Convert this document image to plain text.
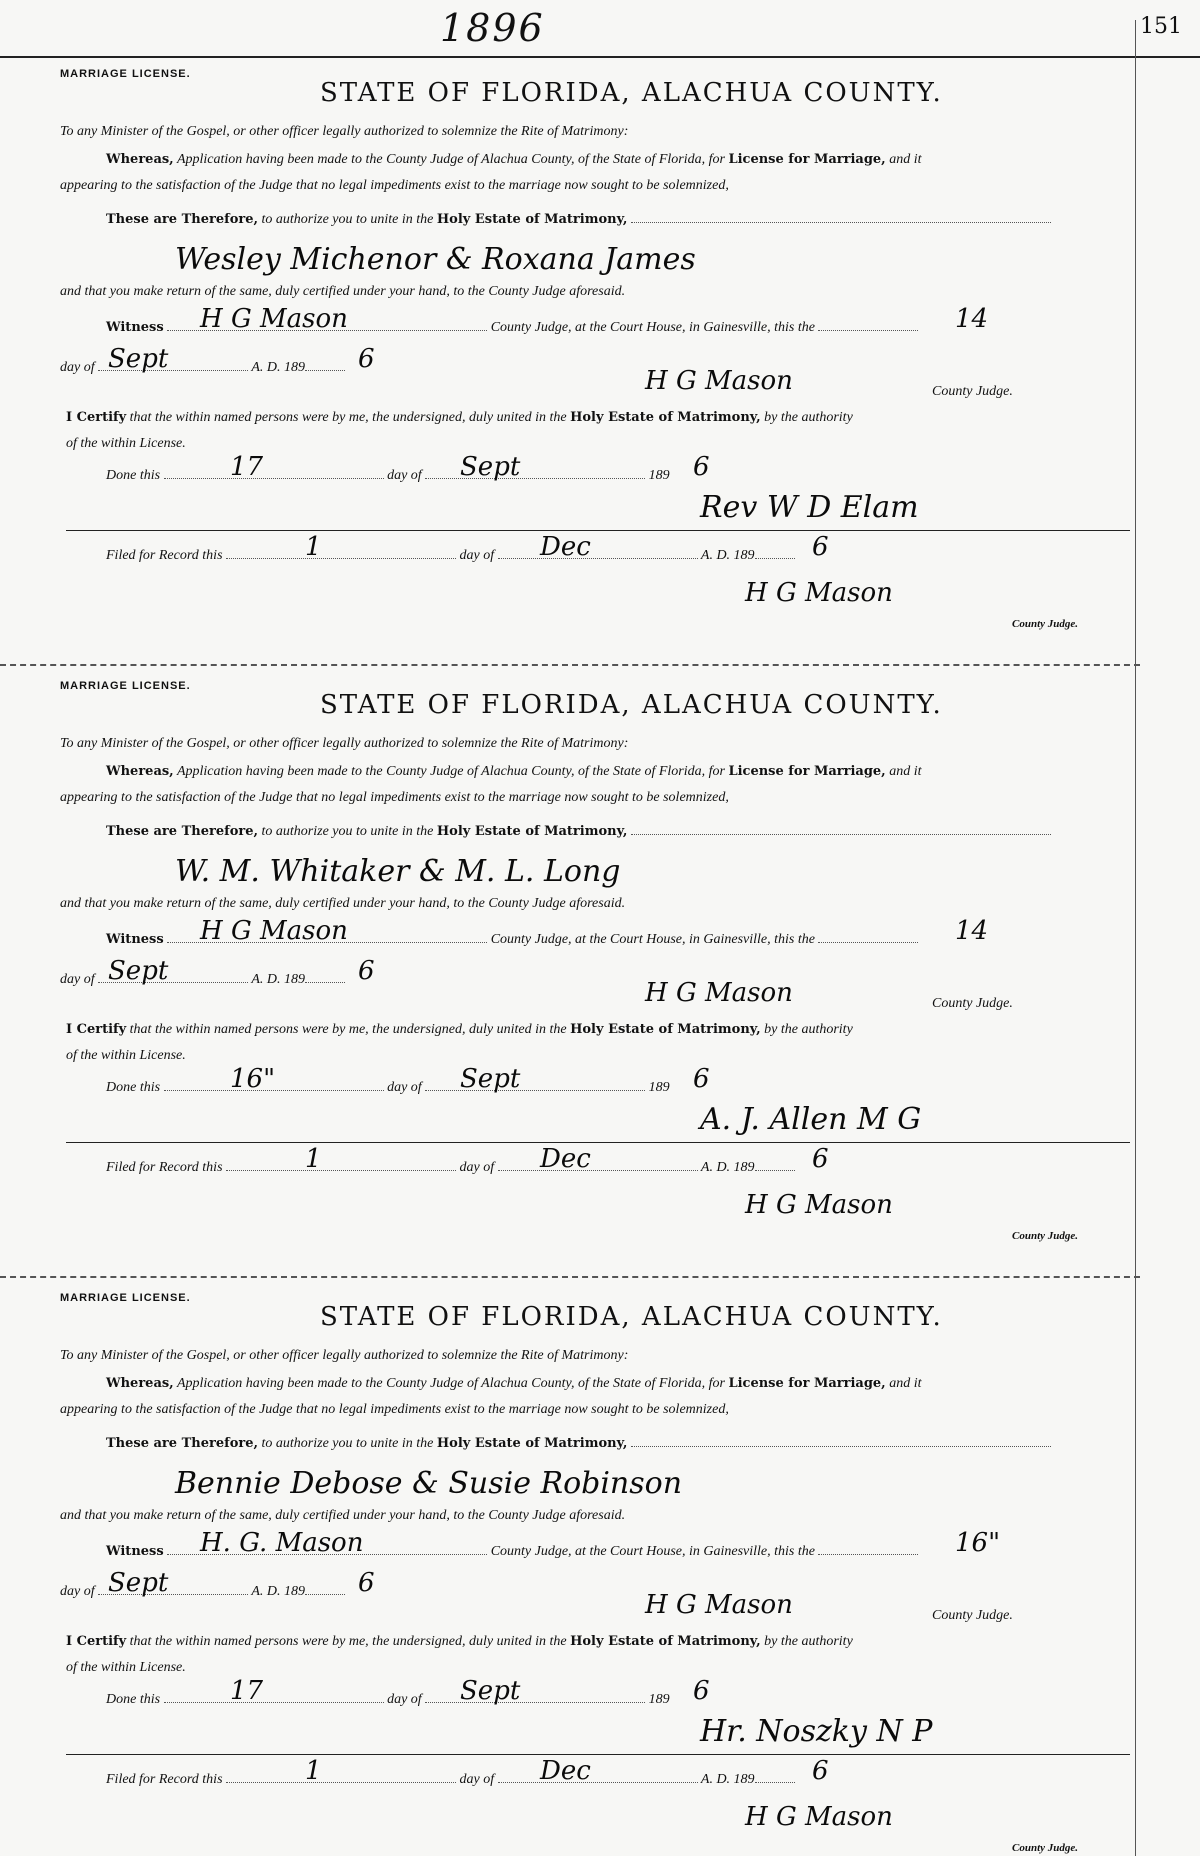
1896	151
MARRIAGE LICENSE.
STATE OF FLORIDA, ALACHUA COUNTY.
To any Minister of the Gospel, or other officer legally authorized to solemnize the Rite of Matrimony:
Whereas, Application having been made to the County Judge of Alachua County, of the State of Florida, for License for Marriage, and it
appearing to the satisfaction of the Judge that no legal impediments exist to the marriage now sought to be solemnized,
These are Therefore, to authorize you to unite in the Holy Estate of Matrimony,
Wesley Michenor & Roxana James
and that you make return of the same, duly certified under your hand, to the County Judge aforesaid.
Witness	County Judge, at the Court House, in Gainesville, this the
H G Mason	14
day of	A. D. 189
Sept	6
H G Mason	County Judge.
I Certify that the within named persons were by me, the undersigned, duly united in the Holy Estate of Matrimony, by the authority
of the within License.
Done this	day of	189
17	Sept	6
Rev W D Elam
Filed for Record this	day of	A. D. 189
1	Dec	6
H G Mason
County Judge.
MARRIAGE LICENSE.
STATE OF FLORIDA, ALACHUA COUNTY.
To any Minister of the Gospel, or other officer legally authorized to solemnize the Rite of Matrimony:
Whereas, Application having been made to the County Judge of Alachua County, of the State of Florida, for License for Marriage, and it
appearing to the satisfaction of the Judge that no legal impediments exist to the marriage now sought to be solemnized,
These are Therefore, to authorize you to unite in the Holy Estate of Matrimony,
W. M. Whitaker & M. L. Long
and that you make return of the same, duly certified under your hand, to the County Judge aforesaid.
Witness	County Judge, at the Court House, in Gainesville, this the
H G Mason	14
day of	A. D. 189
Sept	6
H G Mason	County Judge.
I Certify that the within named persons were by me, the undersigned, duly united in the Holy Estate of Matrimony, by the authority
of the within License.
Done this	day of	189
16"	Sept	6
A. J. Allen M G
Filed for Record this	day of	A. D. 189
1	Dec	6
H G Mason
County Judge.
MARRIAGE LICENSE.
STATE OF FLORIDA, ALACHUA COUNTY.
To any Minister of the Gospel, or other officer legally authorized to solemnize the Rite of Matrimony:
Whereas, Application having been made to the County Judge of Alachua County, of the State of Florida, for License for Marriage, and it
appearing to the satisfaction of the Judge that no legal impediments exist to the marriage now sought to be solemnized,
These are Therefore, to authorize you to unite in the Holy Estate of Matrimony,
Bennie Debose & Susie Robinson
and that you make return of the same, duly certified under your hand, to the County Judge aforesaid.
Witness	County Judge, at the Court House, in Gainesville, this the
H. G. Mason	16"
day of	A. D. 189
Sept	6
H G Mason	County Judge.
I Certify that the within named persons were by me, the undersigned, duly united in the Holy Estate of Matrimony, by the authority
of the within License.
Done this	day of	189
17	Sept	6
Hr. Noszky N P
Filed for Record this	day of	A. D. 189
1	Dec	6
H G Mason
County Judge.
